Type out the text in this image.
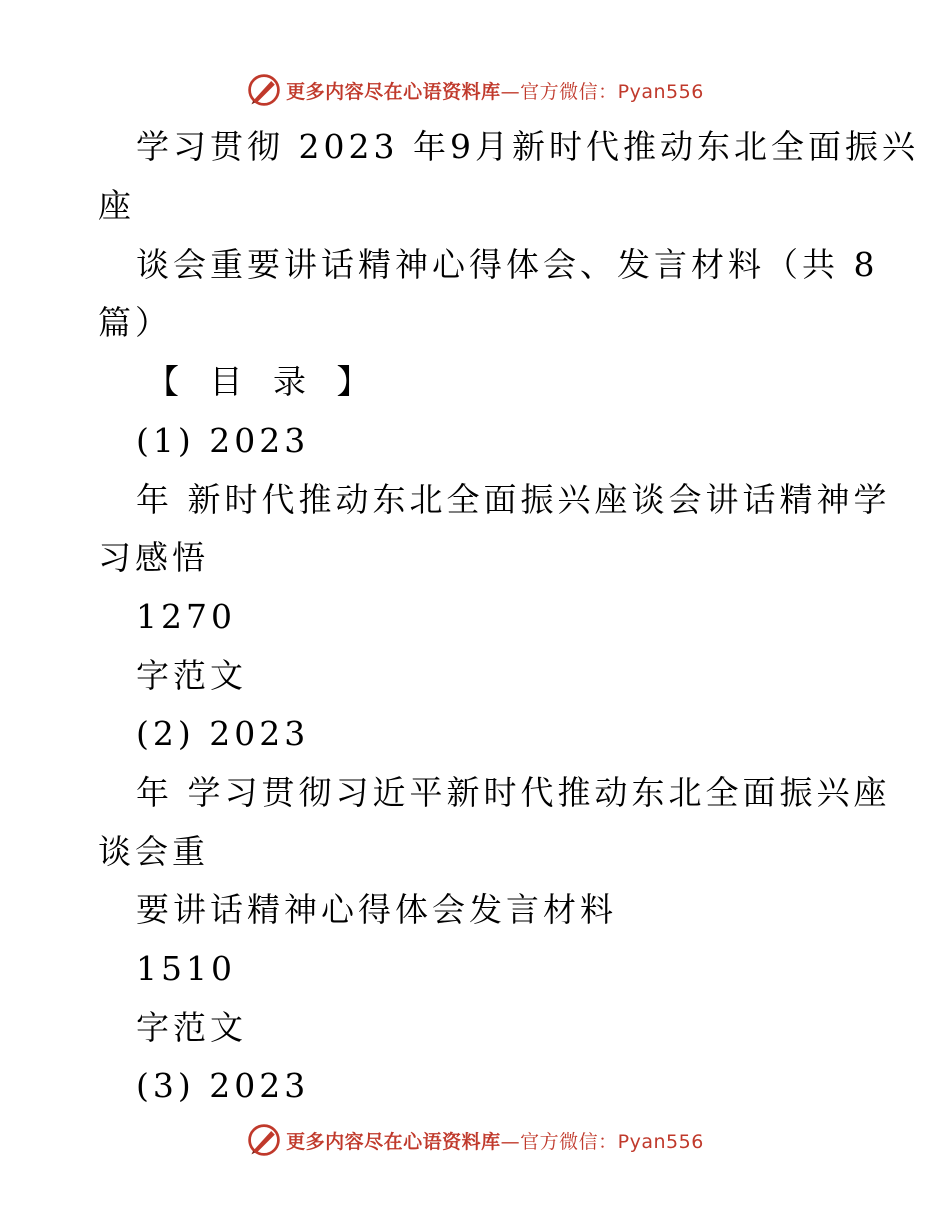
更多内容尽在心语资料库—官方微信：Pyan556
学习贯彻 2023 年9月新时代推动东北全面振兴
座
谈会重要讲话精神心得体会、发言材料（共 8
篇）
【 目 录 】
(1) 2023
年 新时代推动东北全面振兴座谈会讲话精神学
习感悟
1270
字范文
(2) 2023
年 学习贯彻习近平新时代推动东北全面振兴座
谈会重
要讲话精神心得体会发言材料
1510
字范文
(3) 2023
更多内容尽在心语资料库—官方微信：Pyan556
